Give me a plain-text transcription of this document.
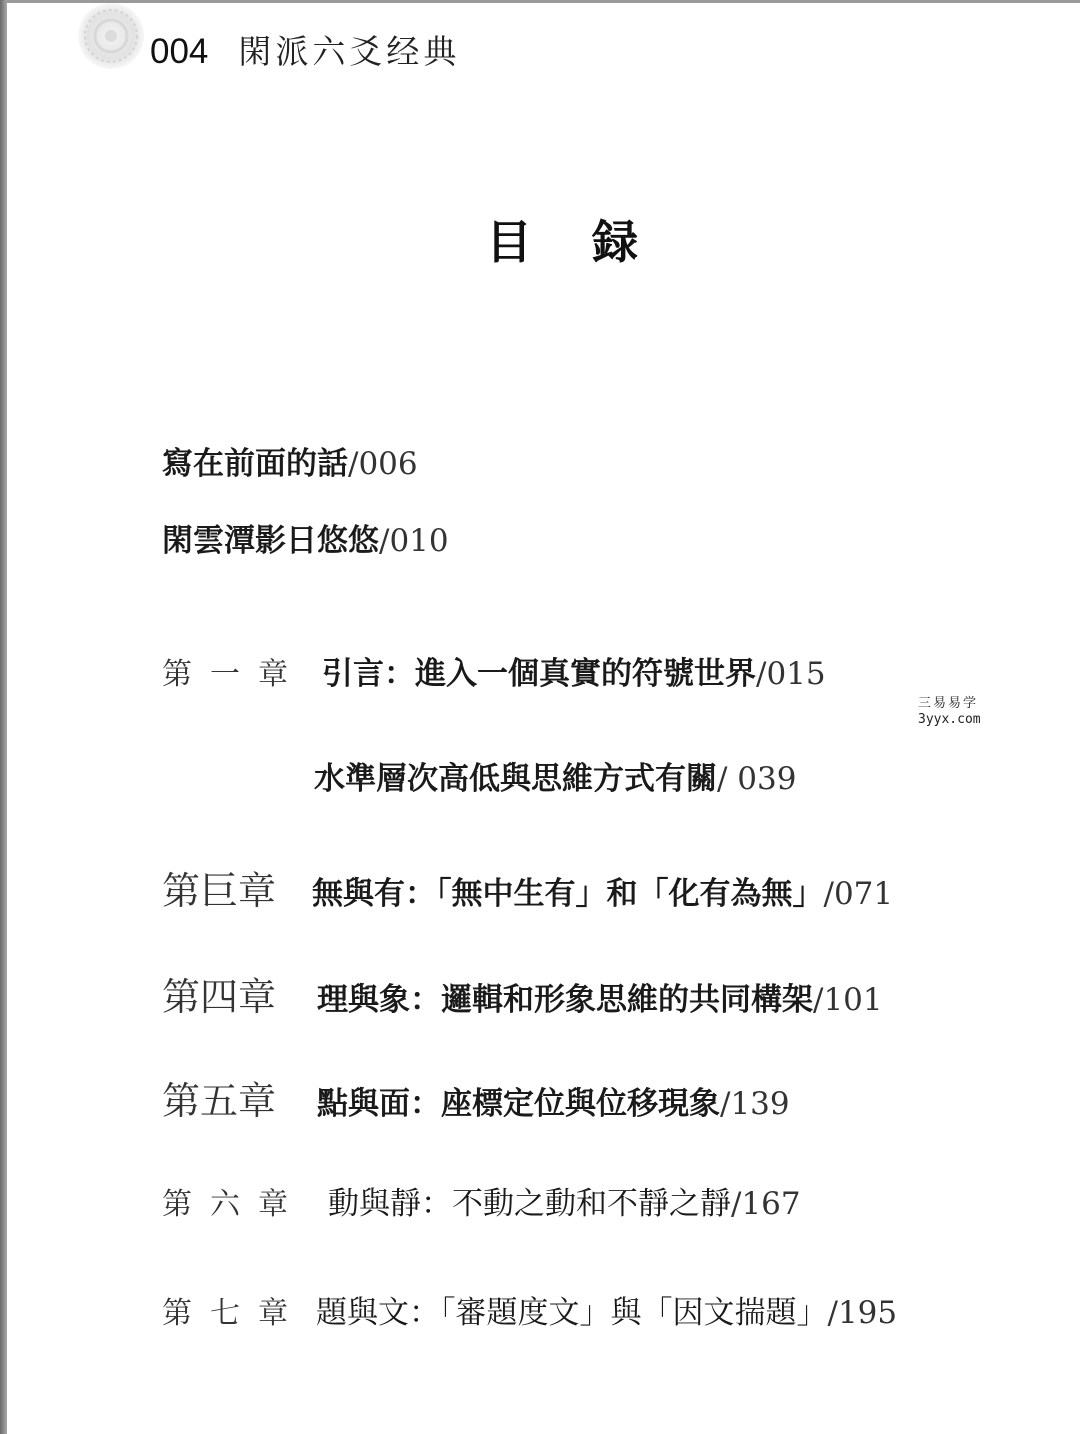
004 閑派六爻经典
目 録
寫在前面的話 /006
閑雲潭影日悠悠 /010
第一章 引言：進入一個真實的符號世界 /015
水準層次高低與思維方式有關 / 039
第巨章	無與有：「無中生有」和「化有為無」 /071
第四章	理與象：邏輯和形象思維的共同構架 /101
第五章	點與面：座標定位與位移現象 /139
第六章 動與靜：不動之動和不靜之靜 /167
第七章 題與文：「審題度文」與「因文揣題」 /195
三易易学
3yyx.com
